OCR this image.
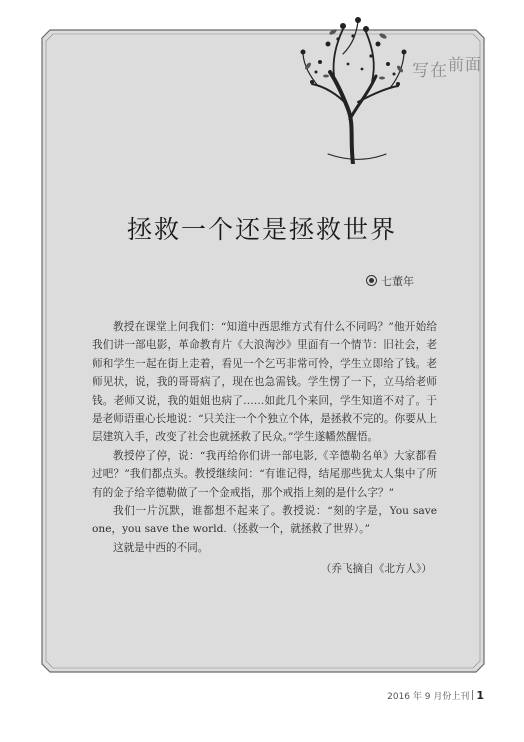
写在前面
拯救一个还是拯救世界
七董年

教授在课堂上问我们：“知道中西思维方式有什么不同吗？”他开始给我们讲一部电影，革命教育片《大浪淘沙》里面有一个情节：旧社会，老师和学生一起在街上走着，看见一个乞丐非常可怜，学生立即给了钱。老师见状，说，我的哥哥病了，现在也急需钱。学生愣了一下，立马给老师钱。老师又说，我的姐姐也病了……如此几个来回，学生知道不对了。于是老师语重心长地说：“只关注一个个独立个体，是拯救不完的。你要从上层建筑入手，改变了社会也就拯救了民众。”学生遂幡然醒悟。

教授停了停，说：“我再给你们讲一部电影,《辛德勒名单》大家都看过吧？”我们都点头。教授继续问：“有谁记得，结尾那些犹太人集中了所有的金子给辛德勒做了一个金戒指，那个戒指上刻的是什么字？”

我们一片沉默，谁都想不起来了。教授说：“刻的字是，You save one，you save the world.（拯救一个，就拯救了世界）。”

这就是中西的不同。

（乔飞摘自《北方人》）
2016 年 9 月份上刊 1
